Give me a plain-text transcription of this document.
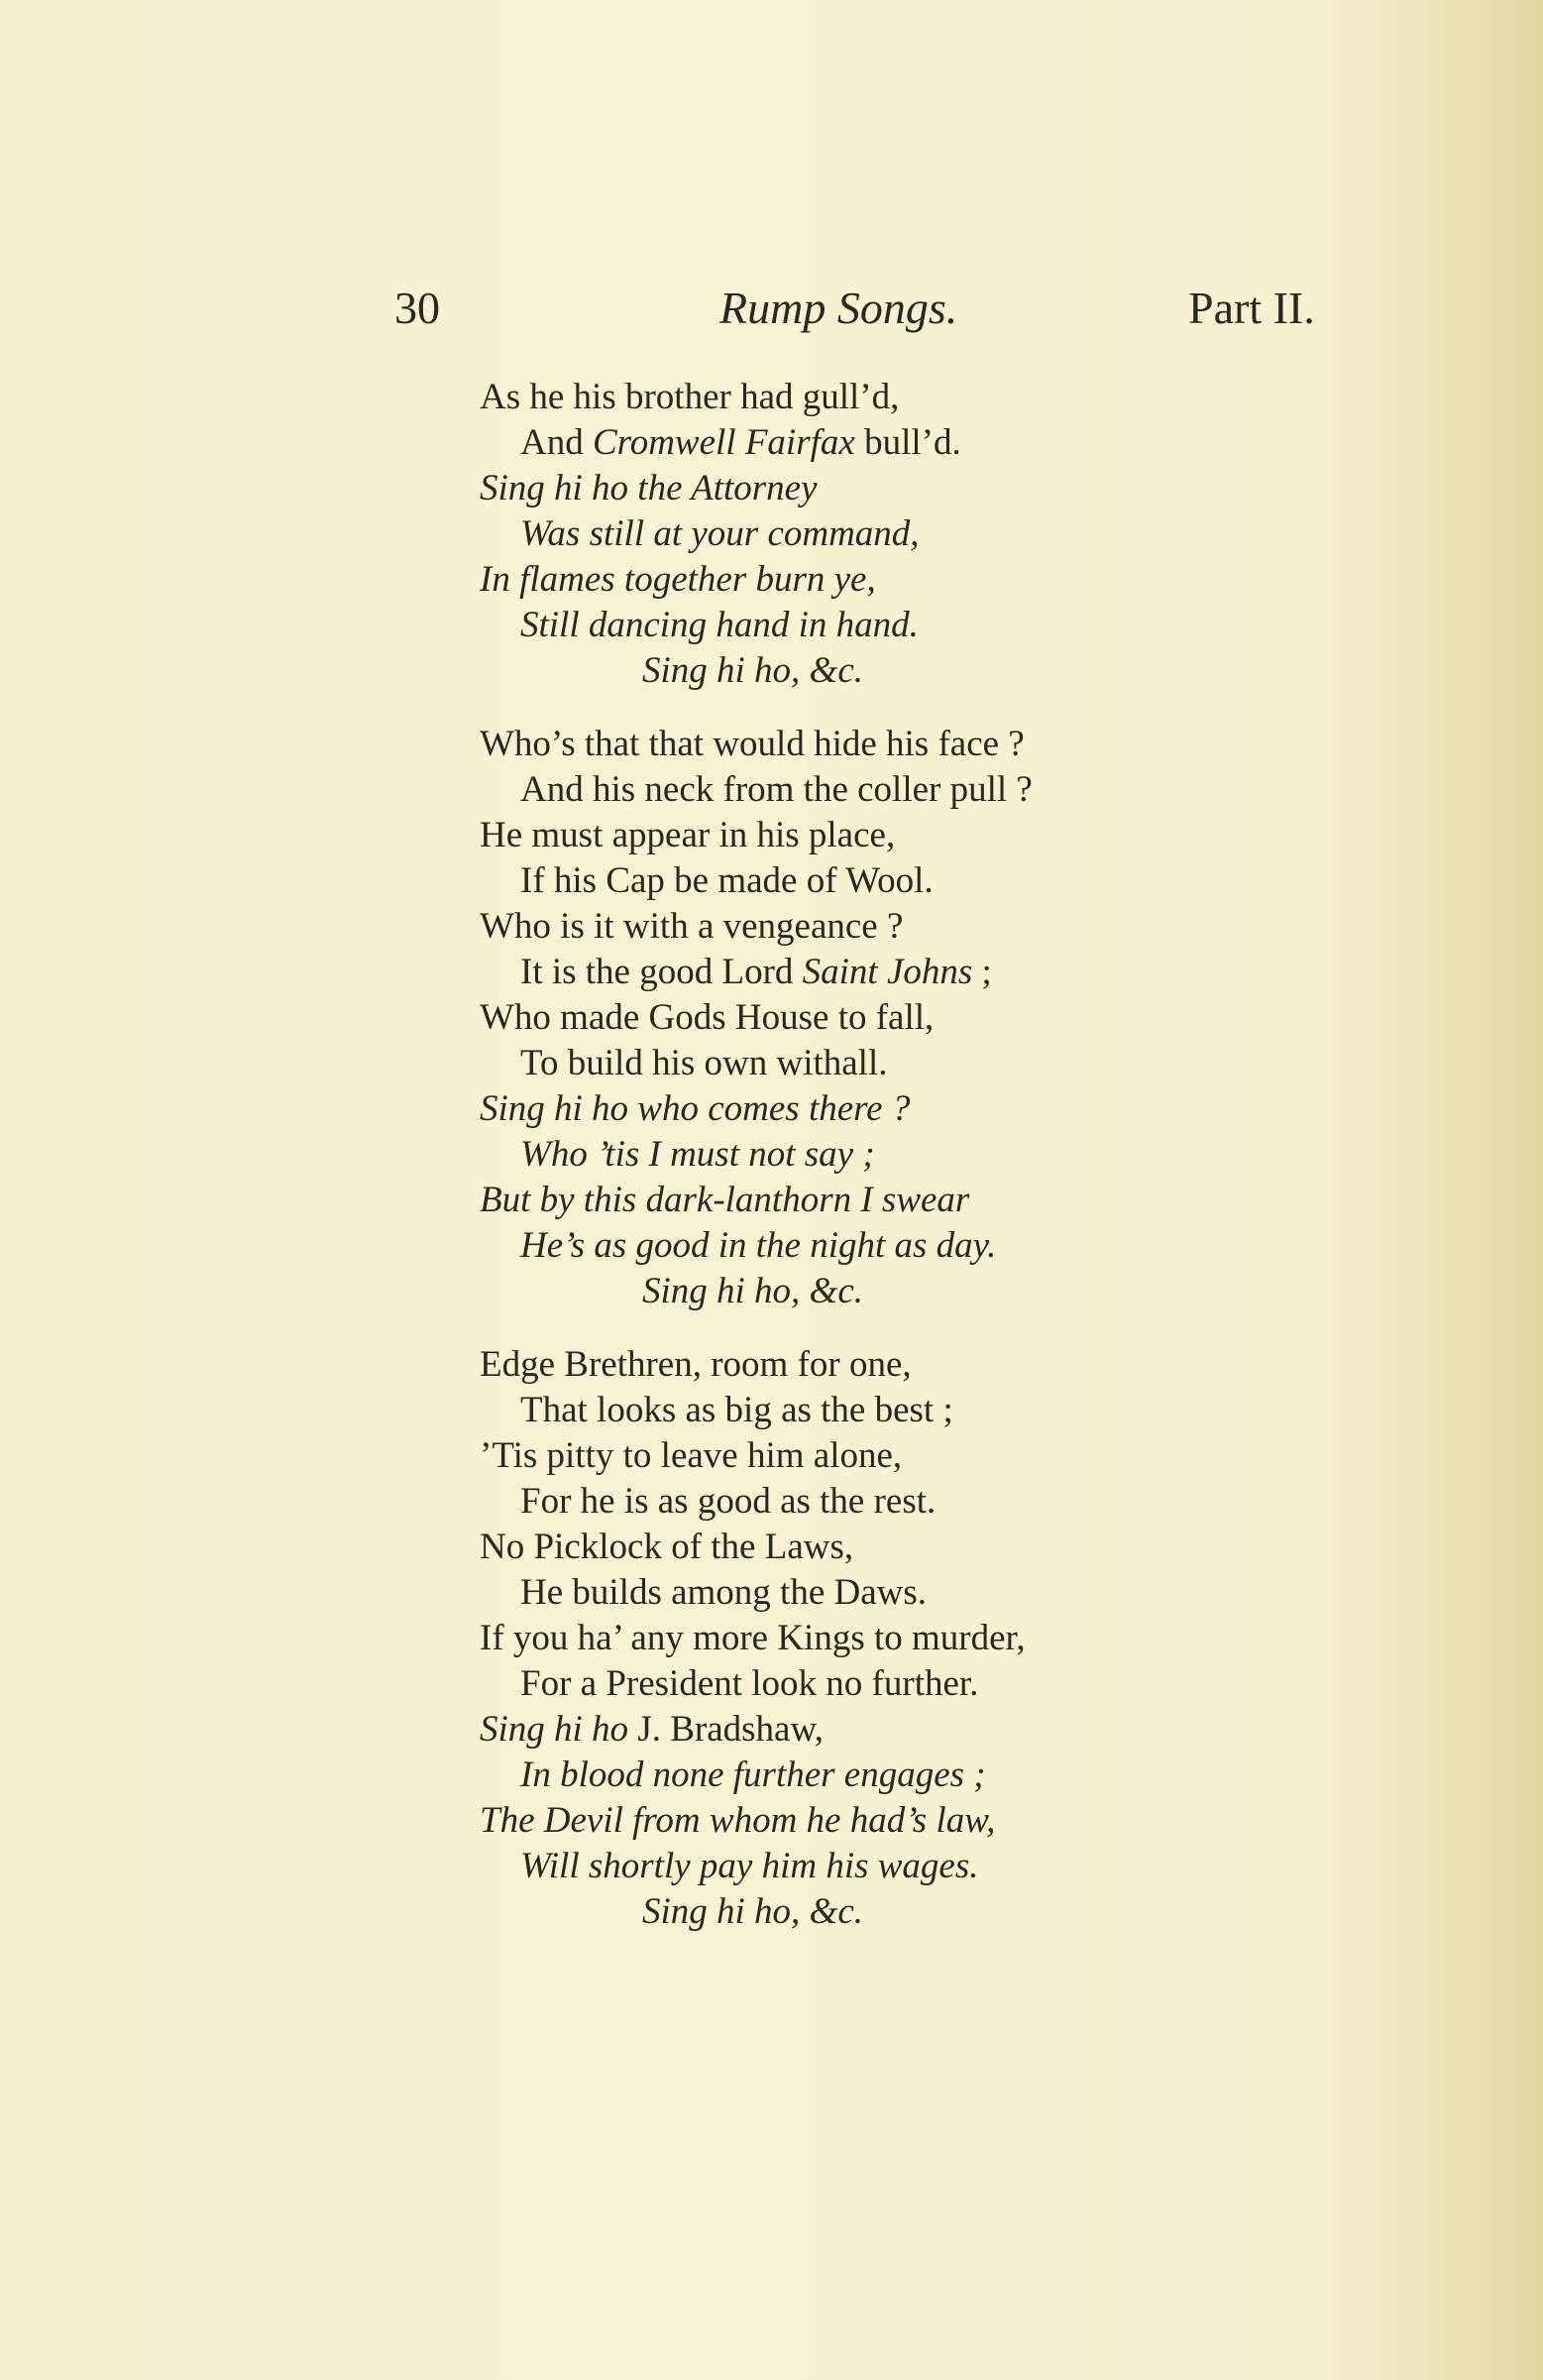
30	Rump Songs.	Part II.
As he his brother had gull’d,
And Cromwell Fairfax bull’d.
Sing hi ho the Attorney
Was still at your command,
In flames together burn ye,
Still dancing hand in hand.
Sing hi ho, &c.
Who’s that that would hide his face ?
And his neck from the coller pull ?
He must appear in his place,
If his Cap be made of Wool.
Who is it with a vengeance ?
It is the good Lord Saint Johns ;
Who made Gods House to fall,
To build his own withall.
Sing hi ho who comes there ?
Who ’tis I must not say ;
But by this dark-lanthorn I swear
He’s as good in the night as day.
Sing hi ho, &c.
Edge Brethren, room for one,
That looks as big as the best ;
’Tis pitty to leave him alone,
For he is as good as the rest.
No Picklock of the Laws,
He builds among the Daws.
If you ha’ any more Kings to murder,
For a President look no further.
Sing hi ho J. Bradshaw,
In blood none further engages ;
The Devil from whom he had’s law,
Will shortly pay him his wages.
Sing hi ho, &c.
